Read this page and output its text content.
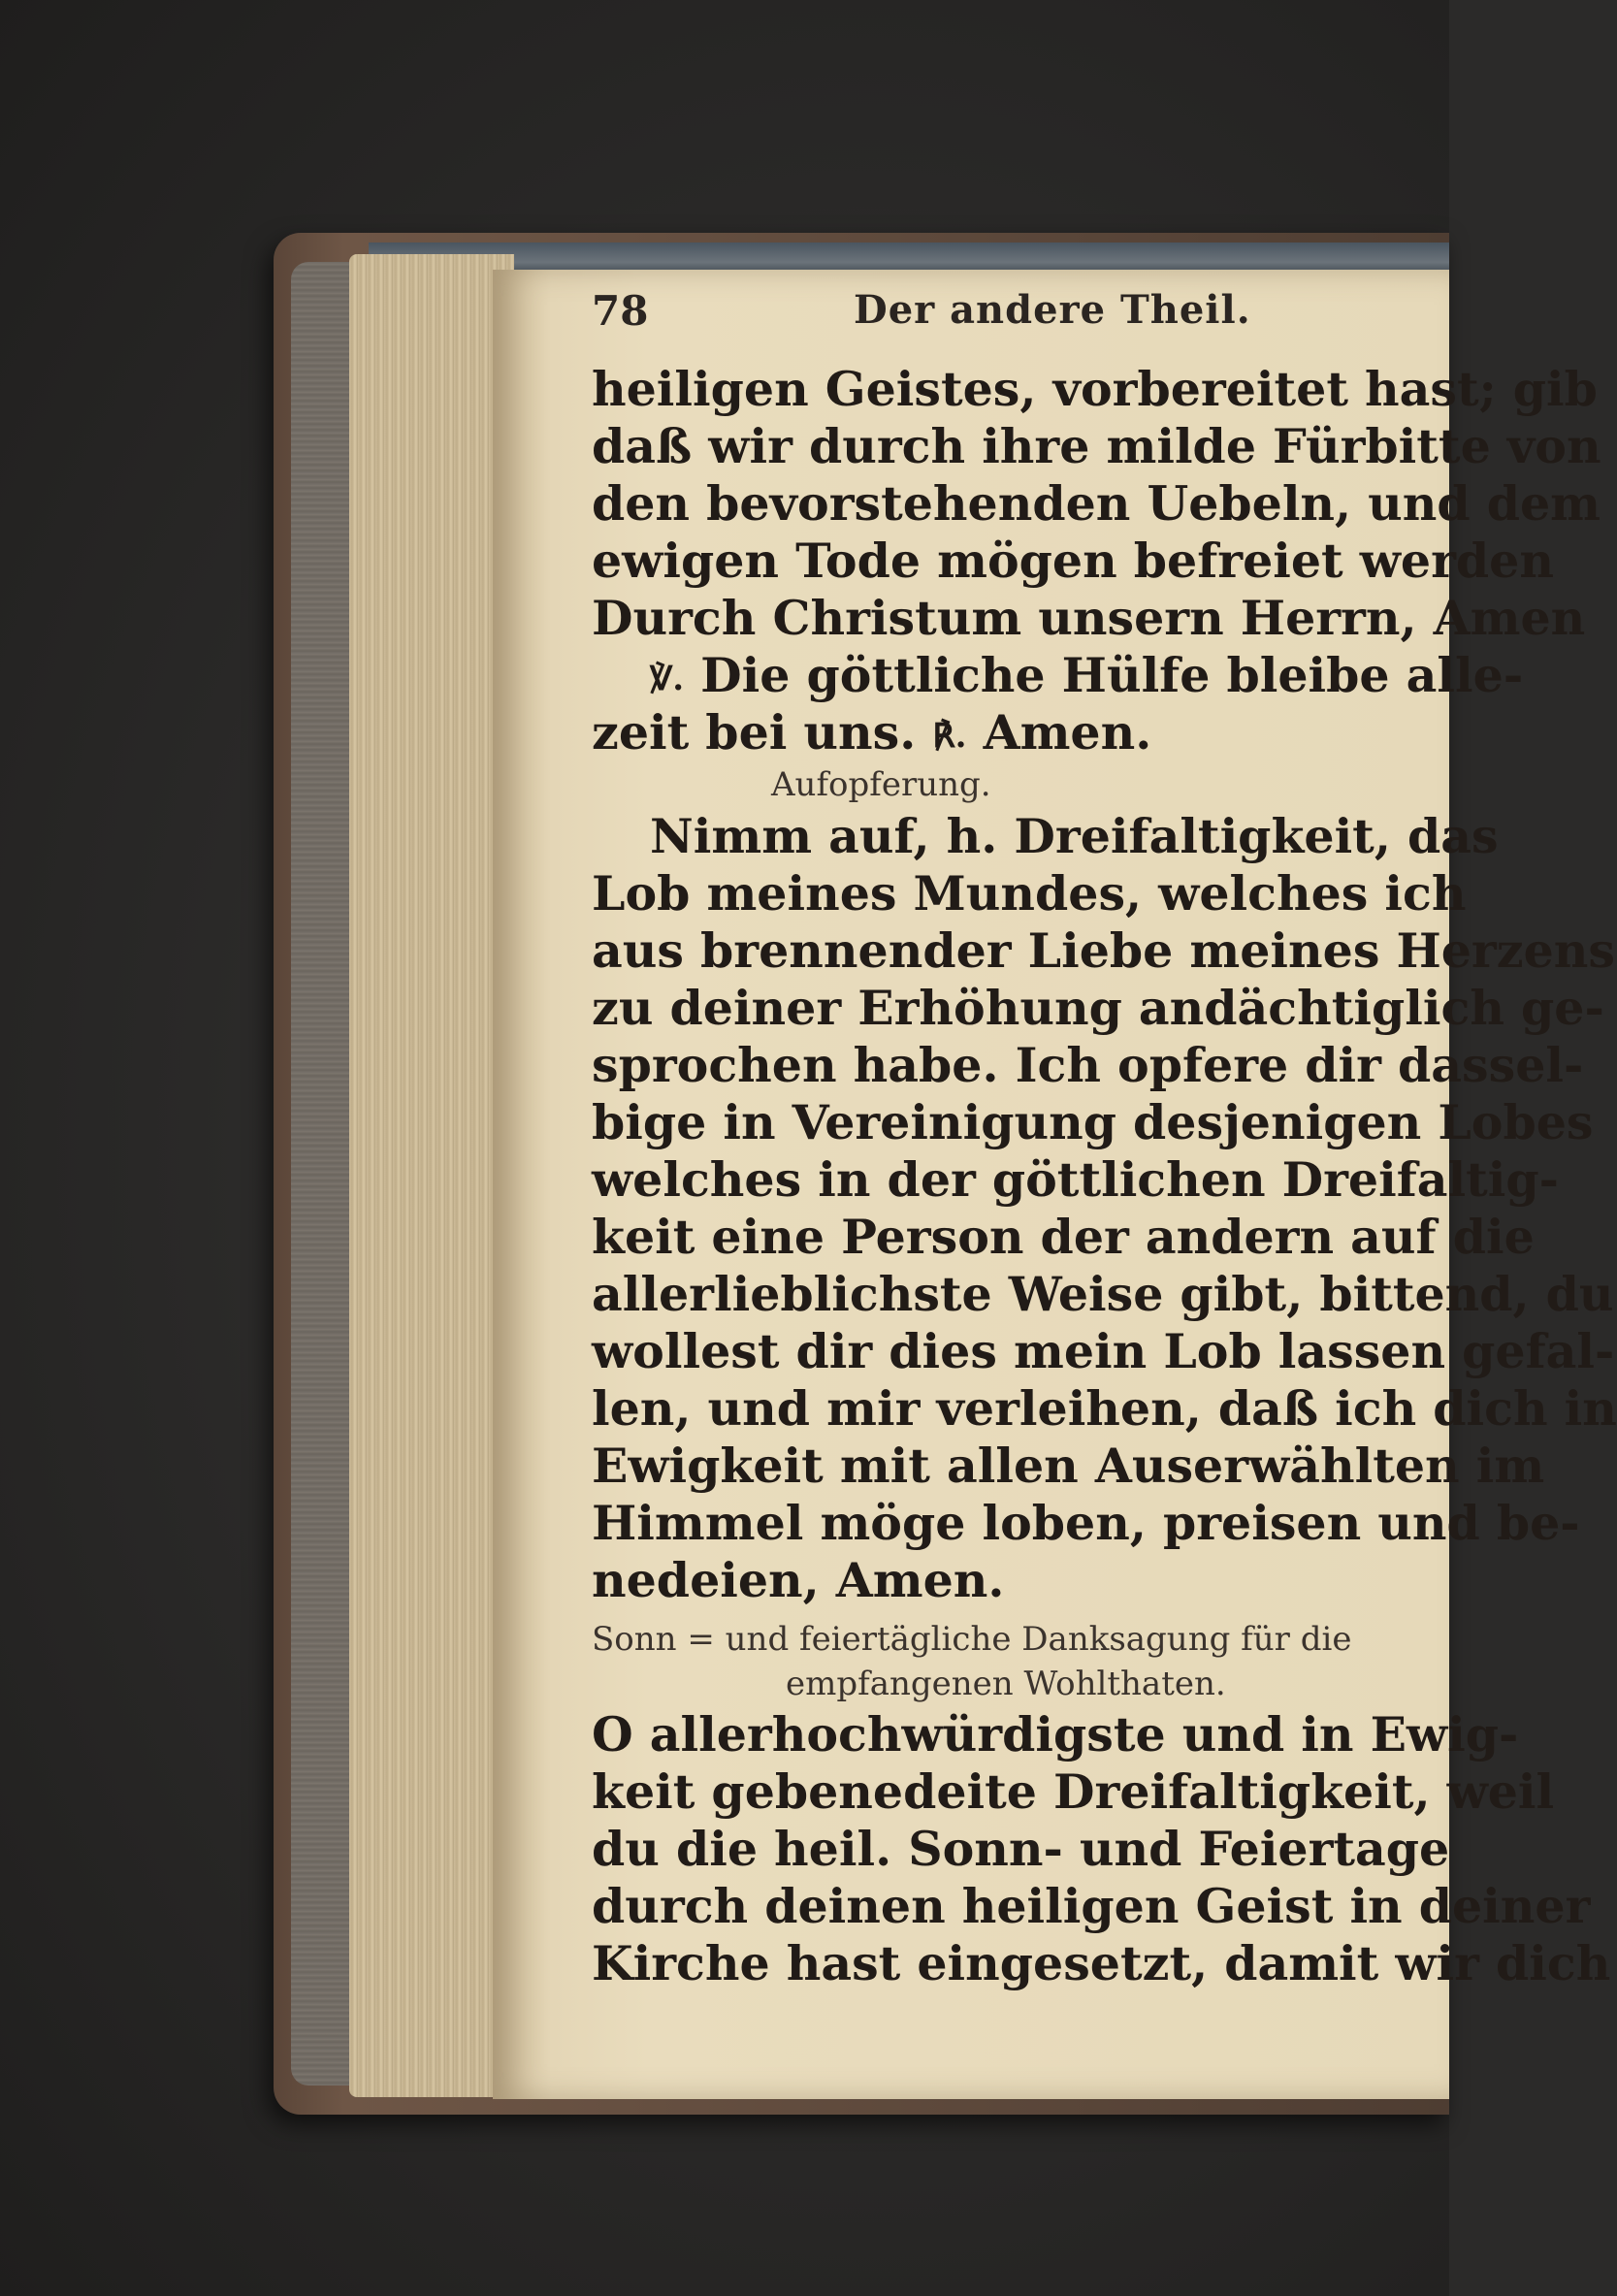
78	Der andere Theil.
heiligen Geistes, vorbereitet hast; gib
daß wir durch ihre milde Fürbitte von
den bevorstehenden Uebeln, und dem
ewigen Tode mögen befreiet werden
Durch Christum unsern Herrn, Amen
℣. Die göttliche Hülfe bleibe alle-
zeit bei uns. ℟. Amen.
Aufopferung.
Nimm auf, h. Dreifaltigkeit, das
Lob meines Mundes, welches ich
aus brennender Liebe meines Herzens
zu deiner Erhöhung andächtiglich ge-
sprochen habe. Ich opfere dir dassel-
bige in Vereinigung desjenigen Lobes
welches in der göttlichen Dreifaltig-
keit eine Person der andern auf die
allerlieblichste Weise gibt, bittend, du
wollest dir dies mein Lob lassen gefal-
len, und mir verleihen, daß ich dich in
Ewigkeit mit allen Auserwählten im
Himmel möge loben, preisen und be-
nedeien, Amen.
Sonn = und feiertägliche Danksagung für die
empfangenen Wohlthaten.
O allerhochwürdigste und in Ewig-
keit gebenedeite Dreifaltigkeit, weil
du die heil. Sonn- und Feiertage
durch deinen heiligen Geist in deiner
Kirche hast eingesetzt, damit wir dich
